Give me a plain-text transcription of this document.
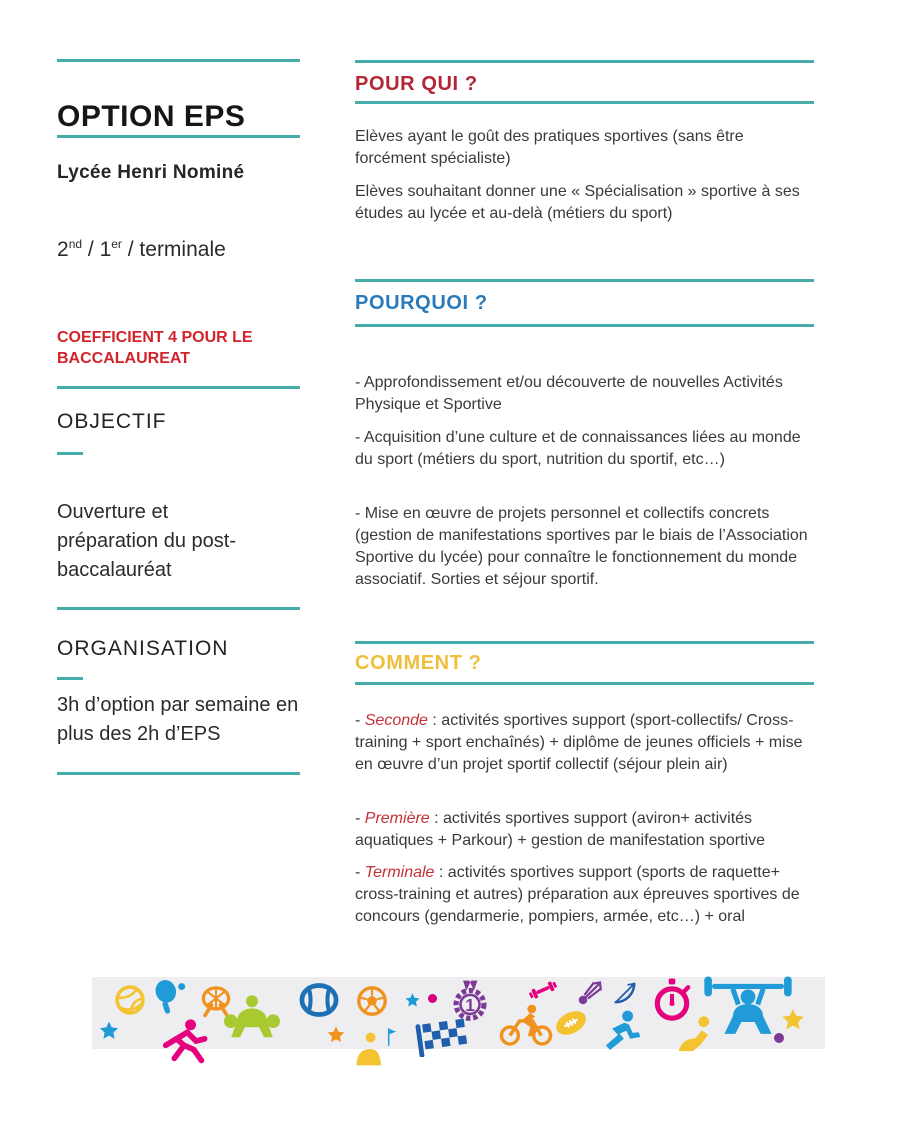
OPTION EPS
Lycée Henri Nominé
2nd / 1er / terminale
COEFFICIENT 4 POUR LE BACCALAUREAT
OBJECTIF
Ouverture et préparation du post-baccalauréat
ORGANISATION
3h d’option par semaine en plus des 2h d’EPS
POUR QUI ?

Elèves ayant le goût des pratiques sportives (sans être forcément spécialiste)

Elèves souhaitant donner une « Spécialisation » sportive à ses études au lycée et au-delà (métiers du sport)

POURQUOI ?

- Approfondissement et/ou découverte de nouvelles Activités Physique et Sportive

- Acquisition d’une culture et de connaissances liées au monde du sport (métiers du sport, nutrition du sportif, etc…)

- Mise en œuvre de projets personnel et collectifs concrets (gestion de manifestations sportives par le biais de l’Association Sportive du lycée) pour connaître le fonctionnement du monde associatif. Sorties et séjour sportif.

COMMENT ?

- Seconde : activités sportives support (sport-collectifs/ Cross-training + sport enchaînés) + diplôme de jeunes officiels + mise en œuvre d’un projet sportif collectif (séjour plein air)

- Première : activités sportives support (aviron+ activités aquatiques + Parkour) + gestion de manifestation sportive

- Terminale : activités sportives support (sports de raquette+ cross-training et autres) préparation aux épreuves sportives de concours (gendarmerie, pompiers, armée, etc…) + oral

1
